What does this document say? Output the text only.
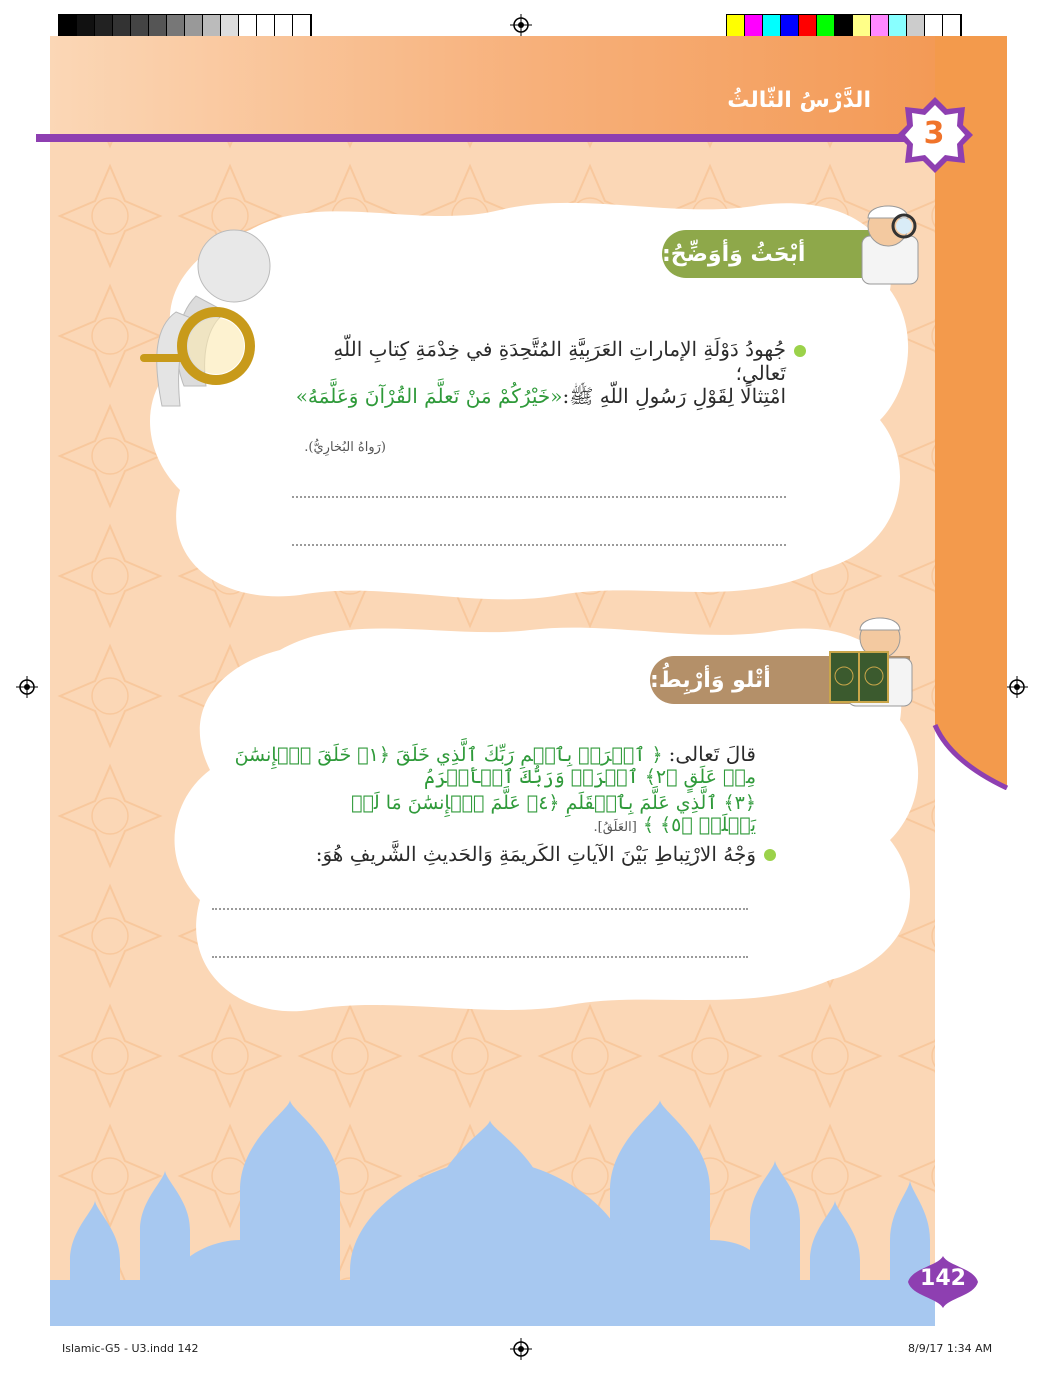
الدَّرْسُ الثّالثُ
3
أبْحَثُ وَأوَضِّحُ:
جُهودُ دَوْلَةِ الإماراتِ العَرَبِيَّةِ المُتَّحِدَةِ في خِدْمَةِ كِتابِ اللّهِ تَعالى؛
امْتِثالًا لِقَوْلِ رَسُولِ اللّهِ ﷺ:«خَيْرُكُمْ مَنْ تَعلَّمَ القُرْآنَ وَعَلَّمَهُ»
(رَواهُ البُخارِيُّ).
أتْلو وَأرْبِطُ:
قالَ تَعالى: ﴿ ٱقۡرَأۡ بِٱسۡمِ رَبِّكَ ٱلَّذِي خَلَقَ ﴿١﴾ خَلَقَ ٱلۡإِنسَٰنَ مِنۡ عَلَقٍ ﴿٢﴾ ٱقۡرَأۡ وَرَبُّكَ ٱلۡأَكۡرَمُ
﴿٣﴾ ٱلَّذِي عَلَّمَ بِٱلۡقَلَمِ ﴿٤﴾ عَلَّمَ ٱلۡإِنسَٰنَ مَا لَمۡ يَعۡلَمۡ ﴿٥﴾ ﴾ [العَلَقُ].
وَجْهُ الارْتِباطِ بَيْنَ الآياتِ الكَريمَةِ وَالحَديثِ الشَّريفِ هُوَ:
142
Islamic-G5 - U3.indd 142	8/9/17 1:34 AM
